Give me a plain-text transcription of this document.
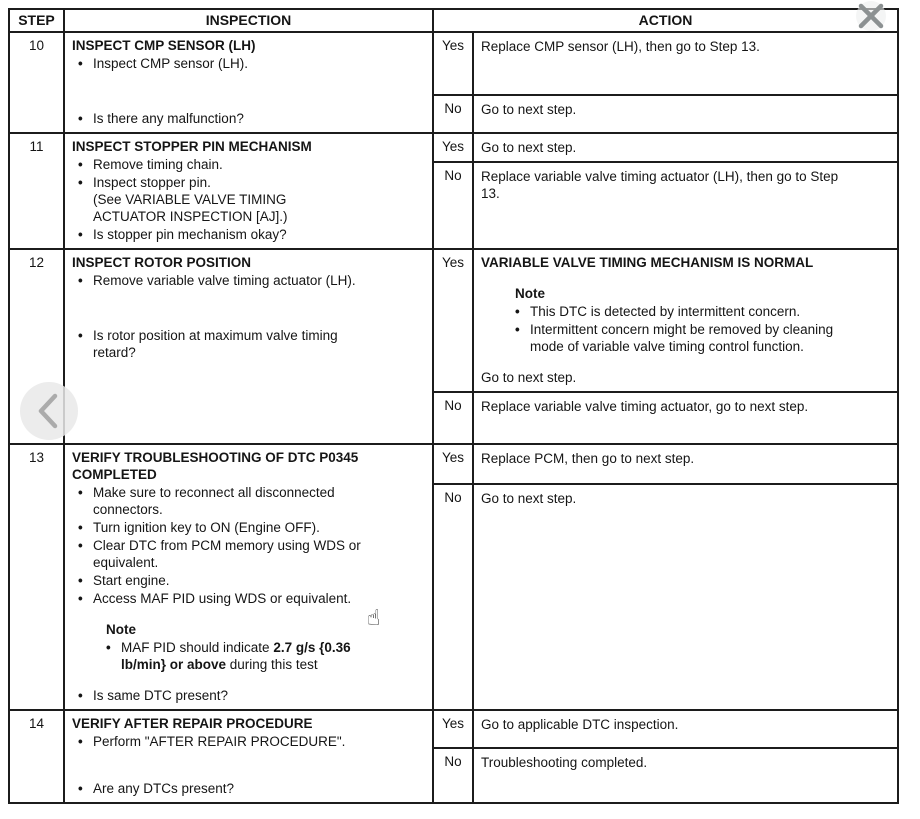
STEP	INSPECTION	ACTION	
10	INSPECT CMP SENSOR (LH)
• Inspect CMP sensor (LH).
• Is there any malfunction?	Yes	Replace CMP sensor (LH), then go to Step 13.

		No	Go to next step.

11	INSPECT STOPPER PIN MECHANISM
• Remove timing chain.
• Inspect stopper pin.
(See VARIABLE VALVE TIMING
ACTUATOR INSPECTION [AJ].)
• Is stopper pin mechanism okay?
	Yes	Go to next step.

		No	Replace variable valve timing actuator (LH), then go to Step
13.

12	INSPECT ROTOR POSITION
• Remove variable valve timing actuator (LH).
• Is rotor position at maximum valve timing
retard?
	Yes	VARIABLE VALVE TIMING MECHANISM IS NORMAL
Note
• This DTC is detected by intermittent concern.
• Intermittent concern might be removed by cleaning
mode of variable valve timing control function.
Go to next step.

		No	Replace variable valve timing actuator, go to next step.

13	VERIFY TROUBLESHOOTING OF DTC P0345
COMPLETED
• Make sure to reconnect all disconnected
connectors.
• Turn ignition key to ON (Engine OFF).
• Clear DTC from PCM memory using WDS or
equivalent.
• Start engine.
• Access MAF PID using WDS or equivalent.
Note
• MAF PID should indicate 2.7 g/s {0.36
lb/min} or above during this test
• Is same DTC present?
	Yes	Replace PCM, then go to next step.

		No	Go to next step.

14	VERIFY AFTER REPAIR PROCEDURE
• Perform "AFTER REPAIR PROCEDURE".
• Are any DTCs present?	Yes	Go to applicable DTC inspection.

		No	Troubleshooting completed.
☝
